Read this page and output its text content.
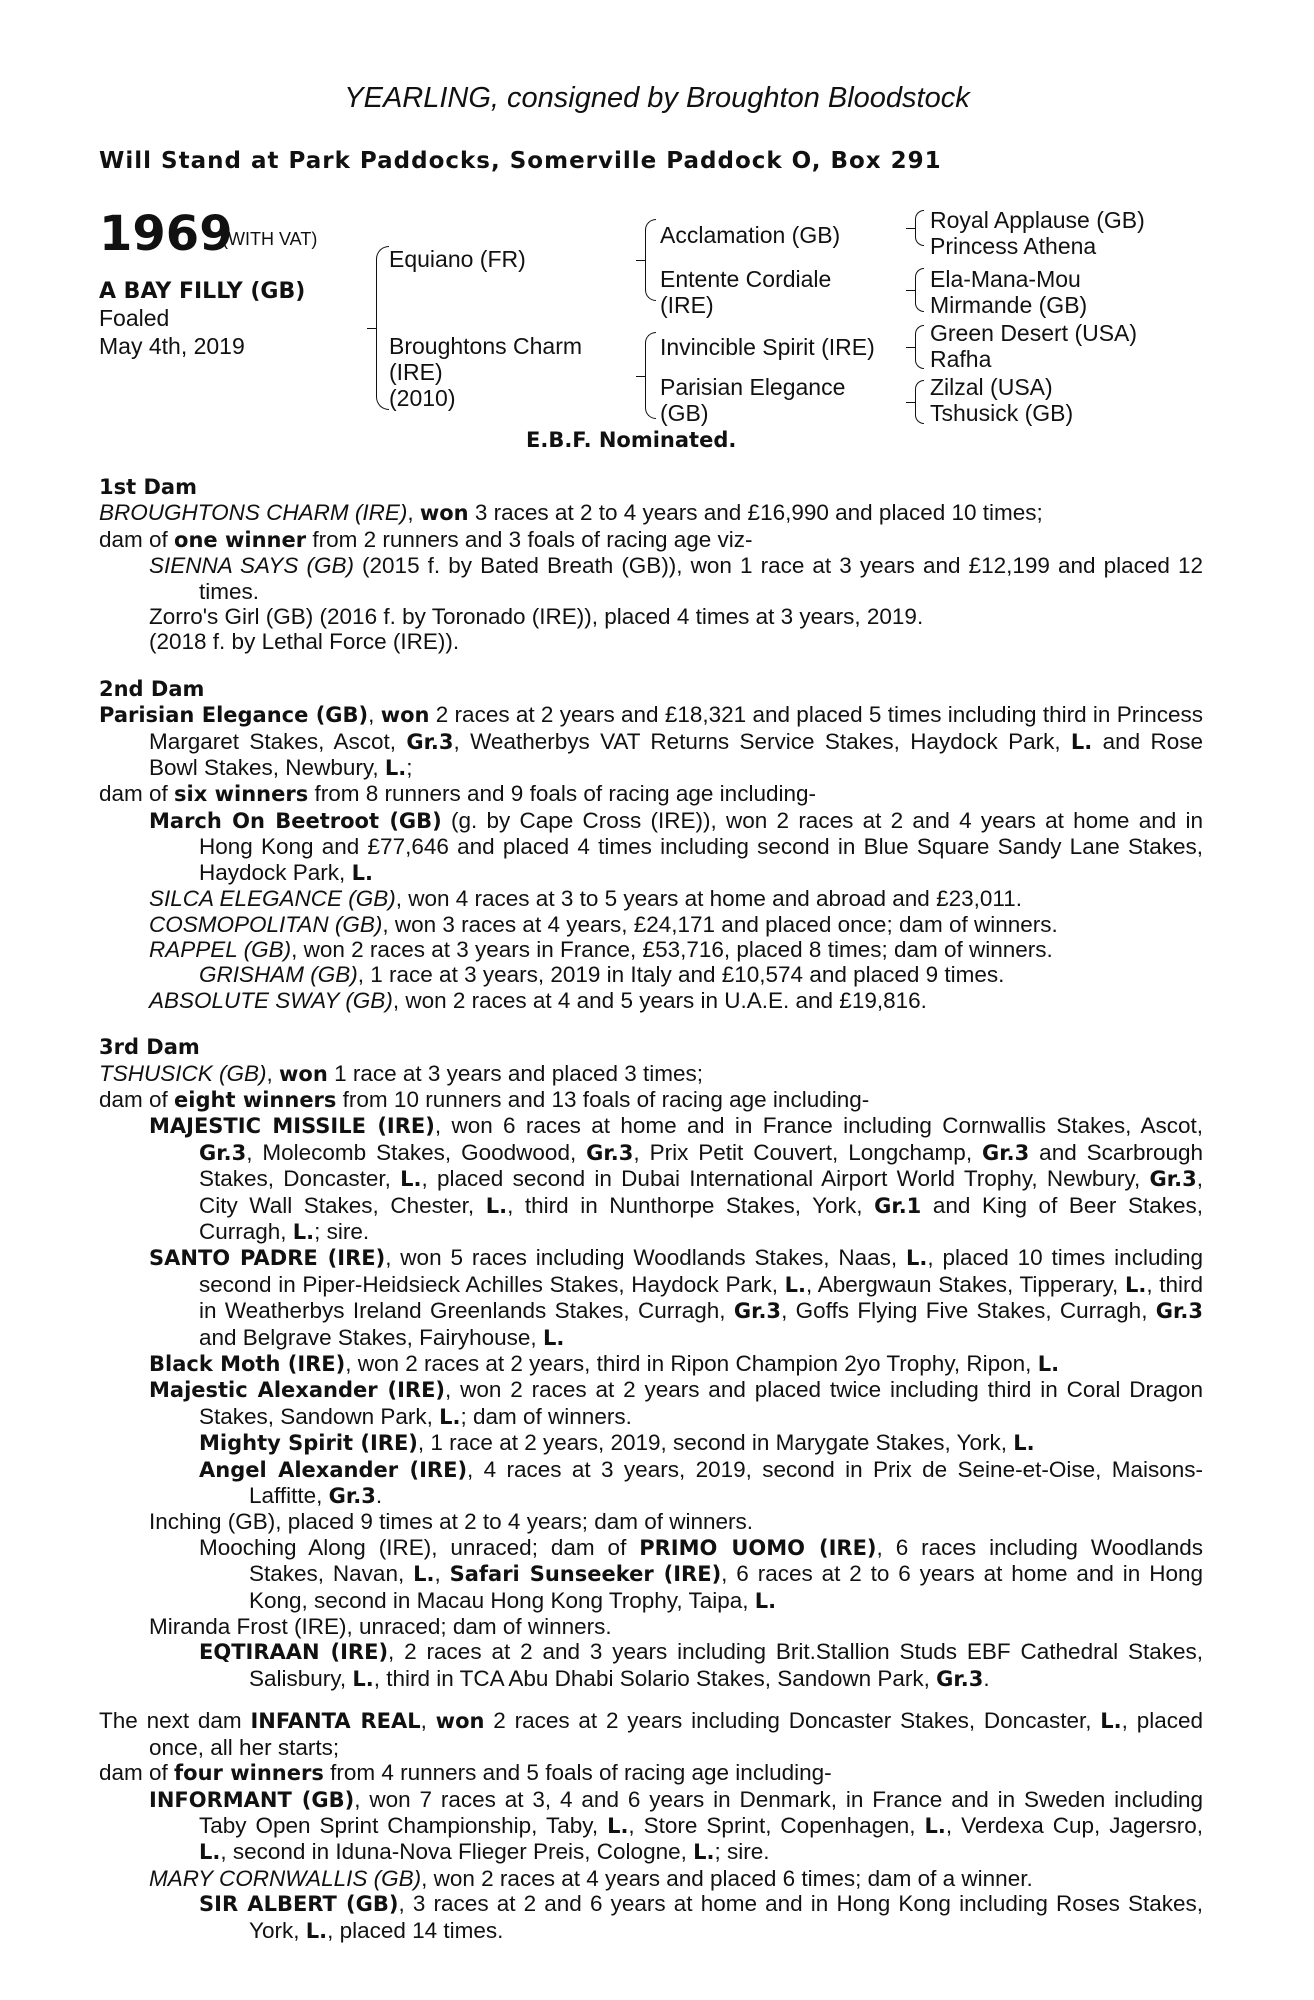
YEARLING, consigned by Broughton Bloodstock
Will Stand at Park Paddocks, Somerville Paddock O, Box 291
1969
(WITH VAT)
A BAY FILLY (GB)
Foaled
May 4th, 2019
Equiano (FR)
Broughtons Charm
(IRE)
(2010)
Acclamation (GB)
Entente Cordiale
(IRE)
Invincible Spirit (IRE)
Parisian Elegance
(GB)
Royal Applause (GB)
Princess Athena
Ela-Mana-Mou
Mirmande (GB)
Green Desert (USA)
Rafha
Zilzal (USA)
Tshusick (GB)
E.B.F. Nominated.
1st Dam

BROUGHTONS CHARM (IRE), won 3 races at 2 to 4 years and £16,990 and placed 10 times;

dam of one winner from 2 runners and 3 foals of racing age viz-

SIENNA SAYS (GB) (2015 f. by Bated Breath (GB)), won 1 race at 3 years and £12,199 and placed 12 times.

Zorro's Girl (GB) (2016 f. by Toronado (IRE)), placed 4 times at 3 years, 2019.

(2018 f. by Lethal Force (IRE)).

2nd Dam

Parisian Elegance (GB), won 2 races at 2 years and £18,321 and placed 5 times including third in Princess Margaret Stakes, Ascot, Gr.3, Weatherbys VAT Returns Service Stakes, Haydock Park, L. and Rose Bowl Stakes, Newbury, L.;

dam of six winners from 8 runners and 9 foals of racing age including-

March On Beetroot (GB) (g. by Cape Cross (IRE)), won 2 races at 2 and 4 years at home and in Hong Kong and £77,646 and placed 4 times including second in Blue Square Sandy Lane Stakes, Haydock Park, L.

SILCA ELEGANCE (GB), won 4 races at 3 to 5 years at home and abroad and £23,011.

COSMOPOLITAN (GB), won 3 races at 4 years, £24,171 and placed once; dam of winners.

RAPPEL (GB), won 2 races at 3 years in France, £53,716, placed 8 times; dam of winners.

GRISHAM (GB), 1 race at 3 years, 2019 in Italy and £10,574 and placed 9 times.

ABSOLUTE SWAY (GB), won 2 races at 4 and 5 years in U.A.E. and £19,816.

3rd Dam

TSHUSICK (GB), won 1 race at 3 years and placed 3 times;

dam of eight winners from 10 runners and 13 foals of racing age including-

MAJESTIC MISSILE (IRE), won 6 races at home and in France including Cornwallis Stakes, Ascot, Gr.3, Molecomb Stakes, Goodwood, Gr.3, Prix Petit Couvert, Longchamp, Gr.3 and Scarbrough Stakes, Doncaster, L., placed second in Dubai International Airport World Trophy, Newbury, Gr.3, City Wall Stakes, Chester, L., third in Nunthorpe Stakes, York, Gr.1 and King of Beer Stakes, Curragh, L.; sire.

SANTO PADRE (IRE), won 5 races including Woodlands Stakes, Naas, L., placed 10 times including second in Piper-Heidsieck Achilles Stakes, Haydock Park, L., Abergwaun Stakes, Tipperary, L., third in Weatherbys Ireland Greenlands Stakes, Curragh, Gr.3, Goffs Flying Five Stakes, Curragh, Gr.3 and Belgrave Stakes, Fairyhouse, L.

Black Moth (IRE), won 2 races at 2 years, third in Ripon Champion 2yo Trophy, Ripon, L.

Majestic Alexander (IRE), won 2 races at 2 years and placed twice including third in Coral Dragon Stakes, Sandown Park, L.; dam of winners.

Mighty Spirit (IRE), 1 race at 2 years, 2019, second in Marygate Stakes, York, L.

Angel Alexander (IRE), 4 races at 3 years, 2019, second in Prix de Seine-et-Oise, Maisons-Laffitte, Gr.3.

Inching (GB), placed 9 times at 2 to 4 years; dam of winners.

Mooching Along (IRE), unraced; dam of PRIMO UOMO (IRE), 6 races including Woodlands Stakes, Navan, L., Safari Sunseeker (IRE), 6 races at 2 to 6 years at home and in Hong Kong, second in Macau Hong Kong Trophy, Taipa, L.

Miranda Frost (IRE), unraced; dam of winners.

EQTIRAAN (IRE), 2 races at 2 and 3 years including Brit.Stallion Studs EBF Cathedral Stakes, Salisbury, L., third in TCA Abu Dhabi Solario Stakes, Sandown Park, Gr.3.

The next dam INFANTA REAL, won 2 races at 2 years including Doncaster Stakes, Doncaster, L., placed once, all her starts;

dam of four winners from 4 runners and 5 foals of racing age including-

INFORMANT (GB), won 7 races at 3, 4 and 6 years in Denmark, in France and in Sweden including Taby Open Sprint Championship, Taby, L., Store Sprint, Copenhagen, L., Verdexa Cup, Jagersro, L., second in Iduna-Nova Flieger Preis, Cologne, L.; sire.

MARY CORNWALLIS (GB), won 2 races at 4 years and placed 6 times; dam of a winner.

SIR ALBERT (GB), 3 races at 2 and 6 years at home and in Hong Kong including Roses Stakes, York, L., placed 14 times.
